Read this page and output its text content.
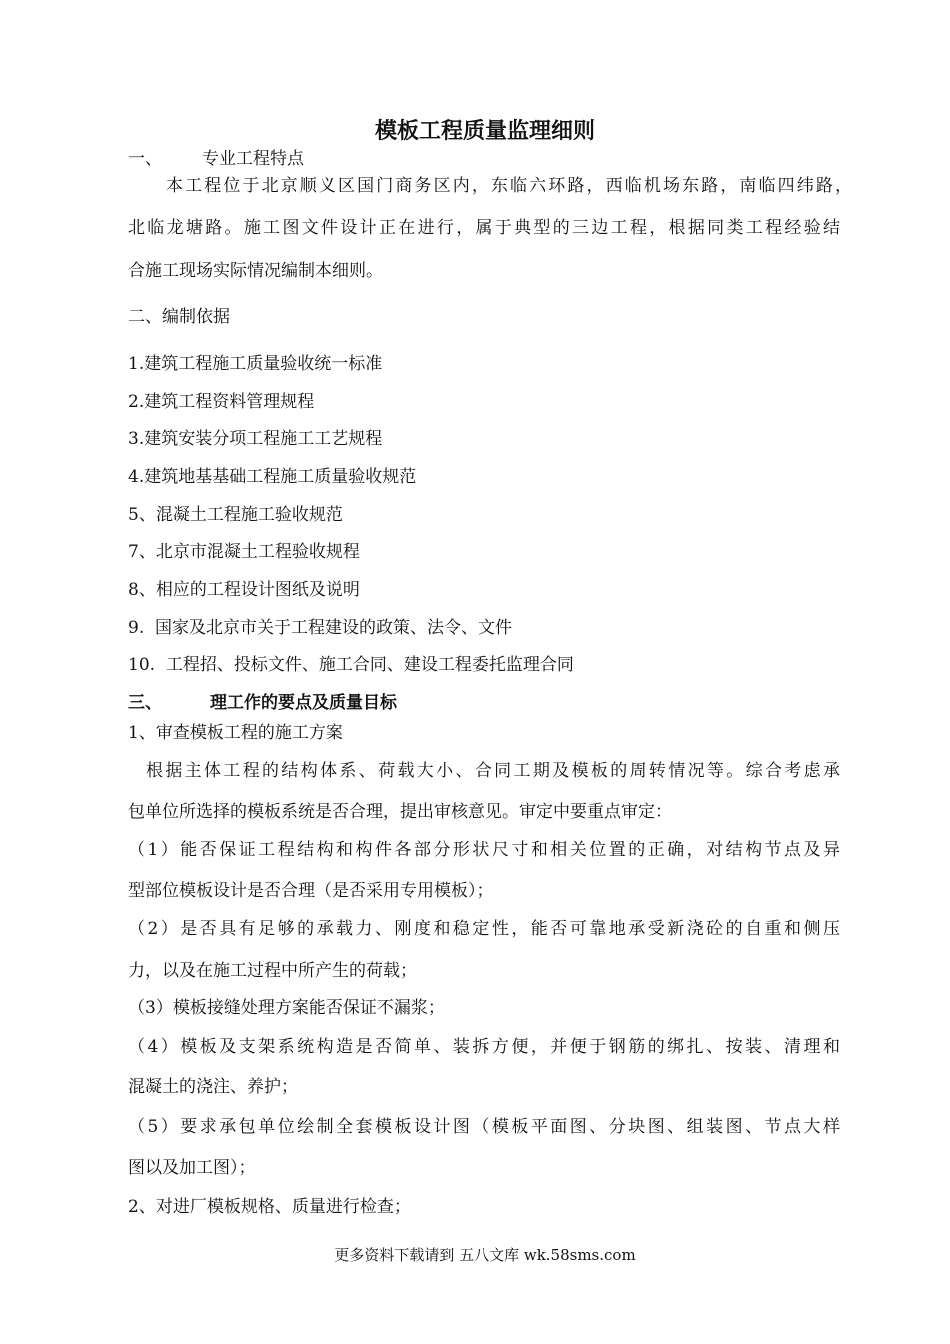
模板工程质量监理细则
一、 专业工程特点
本工程位于北京顺义区国门商务区内，东临六环路，西临机场东路，南临四纬路，
北临龙塘路。施工图文件设计正在进行，属于典型的三边工程，根据同类工程经验结
合施工现场实际情况编制本细则。
二、编制依据
1.建筑工程施工质量验收统一标准
2.建筑工程资料管理规程
3.建筑安装分项工程施工工艺规程
4.建筑地基基础工程施工质量验收规范
5、混凝土工程施工验收规范
7、北京市混凝土工程验收规程
8、相应的工程设计图纸及说明
9.  国家及北京市关于工程建设的政策、法令、文件
10.  工程招、投标文件、施工合同、建设工程委托监理合同
三、	理工作的要点及质量目标
1、审查模板工程的施工方案
根据主体工程的结构体系、荷载大小、合同工期及模板的周转情况等。综合考虑承
包单位所选择的模板系统是否合理，提出审核意见。审定中要重点审定：
（1）能否保证工程结构和构件各部分形状尺寸和相关位置的正确，对结构节点及异
型部位模板设计是否合理（是否采用专用模板）；
（2）是否具有足够的承载力、刚度和稳定性，能否可靠地承受新浇砼的自重和侧压
力，以及在施工过程中所产生的荷载；
（3）模板接缝处理方案能否保证不漏浆；
（4）模板及支架系统构造是否简单、装拆方便，并便于钢筋的绑扎、按装、清理和
混凝土的浇注、养护；
（5）要求承包单位绘制全套模板设计图（模板平面图、分块图、组装图、节点大样
图以及加工图）；
2、对进厂模板规格、质量进行检查；
更多资料下载请到 五八文库 wk.58sms.com
